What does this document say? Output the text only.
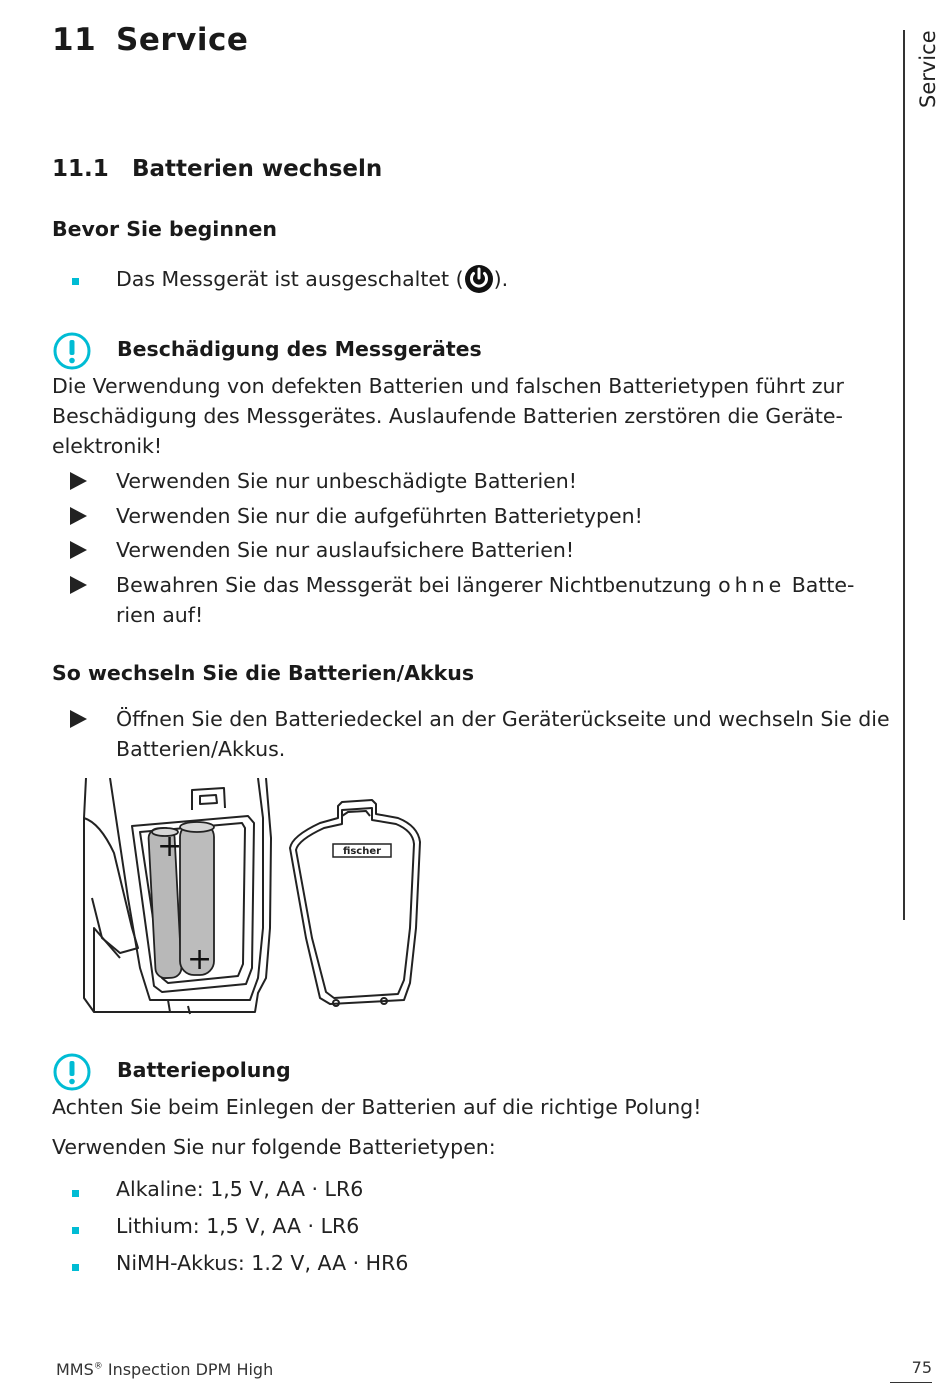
11 Service	Service
11.1 Batterien wechseln
Bevor Sie beginnen
Das Messgerät ist ausgeschaltet ( ).
Beschädigung des Messgerätes
Die Verwendung von defekten Batterien und falschen Batterietypen führt zur Beschädigung des Messgerätes. Auslaufende Batterien zerstören die Geräte-elektronik!
Verwenden Sie nur unbeschädigte Batterien!
Verwenden Sie nur die aufgeführten Batterietypen!
Verwenden Sie nur auslaufsichere Batterien!
Bewahren Sie das Messgerät bei längerer Nichtbenutzung ohne Batte-rien auf!
So wechseln Sie die Batterien/Akkus
Öffnen Sie den Batteriedeckel an der Geräterückseite und wechseln Sie die Batterien/Akkus.
+
+
fischer
Batteriepolung
Achten Sie beim Einlegen der Batterien auf die richtige Polung!
Verwenden Sie nur folgende Batterietypen:
Alkaline: 1,5 V, AA · LR6
Lithium: 1,5 V, AA · LR6
NiMH-Akkus: 1.2 V, AA · HR6
MMS® Inspection DPM High	75
